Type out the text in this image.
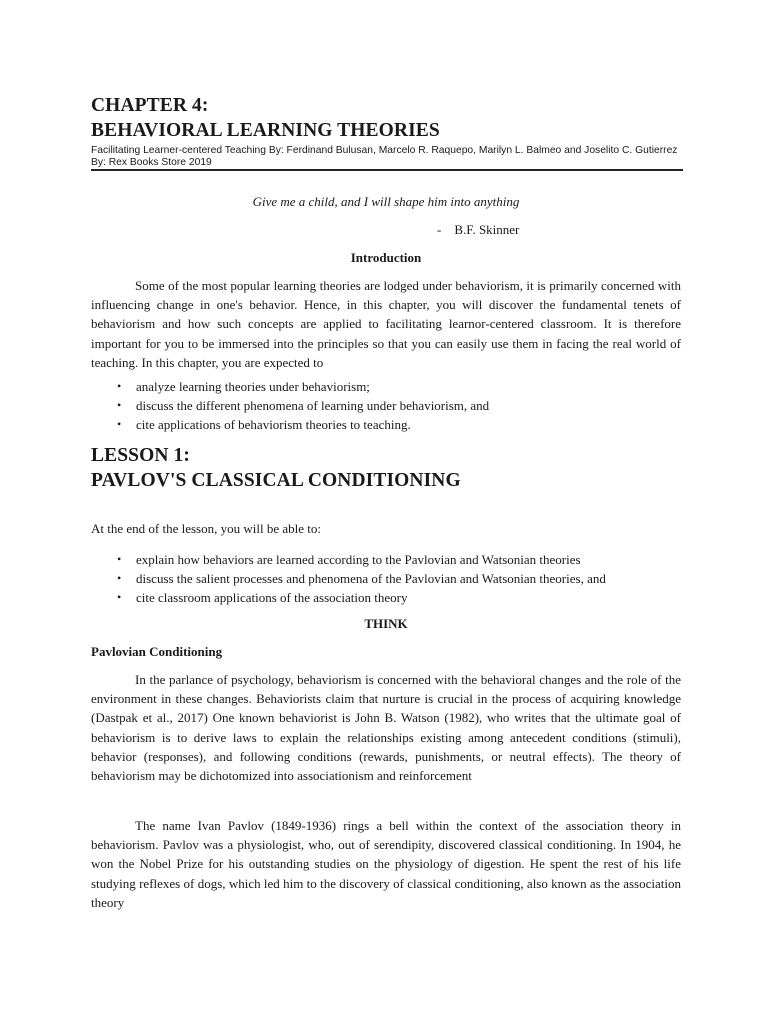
CHAPTER 4:
BEHAVIORAL LEARNING THEORIES
Facilitating Learner-centered Teaching By: Ferdinand Bulusan, Marcelo R. Raquepo, Marilyn L. Balmeo and Joselito C. Gutierrez By: Rex Books Store 2019
Give me a child, and I will shape him into anything
-    B.F. Skinner
Introduction

Some of the most popular learning theories are lodged under behaviorism, it is primarily concerned with influencing change in one's behavior. Hence, in this chapter, you will discover the fundamental tenets of behaviorism and how such concepts are applied to facilitating learnor-centered classroom. It is therefore important for you to be immersed into the principles so that you can easily use them in facing the real world of teaching. In this chapter, you are expected to

• analyze learning theories under behaviorism;
• discuss the different phenomena of learning under behaviorism, and
• cite applications of behaviorism theories to teaching.
LESSON 1:
PAVLOV'S CLASSICAL CONDITIONING

At the end of the lesson, you will be able to:

• explain how behaviors are learned according to the Pavlovian and Watsonian theories
• discuss the salient processes and phenomena of the Pavlovian and Watsonian theories, and
• cite classroom applications of the association theory
THINK
Pavlovian Conditioning

In the parlance of psychology, behaviorism is concerned with the behavioral changes and the role of the environment in these changes. Behaviorists claim that nurture is crucial in the process of acquiring knowledge (Dastpak et al., 2017) One known behaviorist is John B. Watson (1982), who writes that the ultimate goal of behaviorism is to derive laws to explain the relationships existing among antecedent conditions (stimuli), behavior (responses), and following conditions (rewards, punishments, or neutral effects). The theory of behaviorism may be dichotomized into associationism and reinforcement

The name Ivan Pavlov (1849-1936) rings a bell within the context of the association theory in behaviorism. Pavlov was a physiologist, who, out of serendipity, discovered classical conditioning. In 1904, he won the Nobel Prize for his outstanding studies on the physiology of digestion. He spent the rest of his life studying reflexes of dogs, which led him to the discovery of classical conditioning, also known as the association theory
